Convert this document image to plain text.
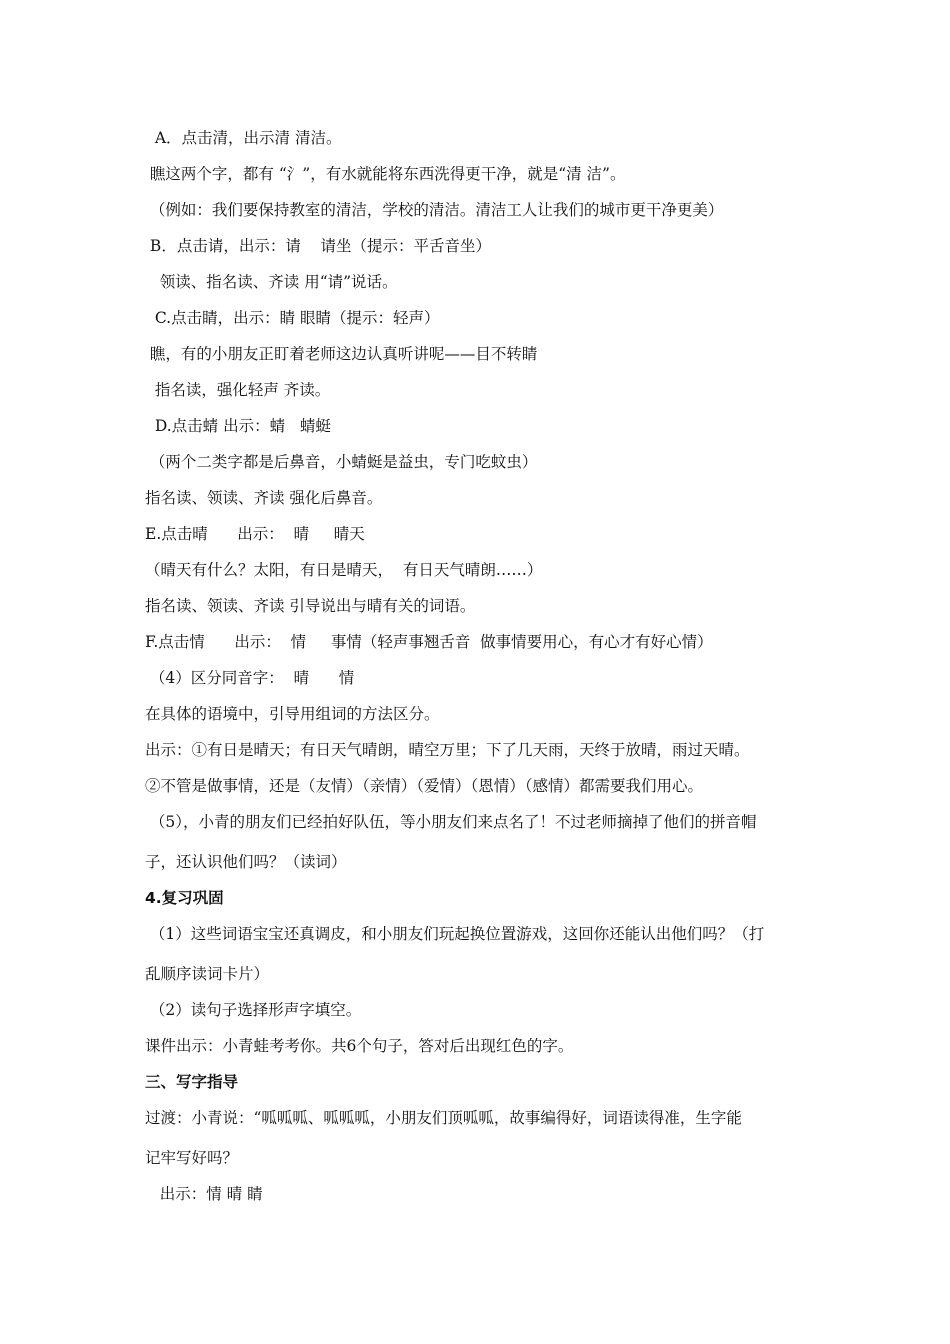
A．点击清，出示清 清洁。
瞧这两个字，都有 “氵”，有水就能将东西洗得更干净，就是“清 洁”。
（例如：我们要保持教室的清洁，学校的清洁。清洁工人让我们的城市更干净更美）
B．点击请，出示：请    请坐（提示：平舌音坐）
领读、指名读、齐读 用“请”说话。
C.点击睛，出示：睛 眼睛（提示：轻声）
瞧，有的小朋友正盯着老师这边认真听讲呢——目不转睛
指名读，强化轻声 齐读。
D.点击蜻 出示：蜻   蜻蜓
（两个二类字都是后鼻音，小蜻蜓是益虫，专门吃蚊虫）
指名读、领读、齐读 强化后鼻音。
E.点击晴      出示：  晴     晴天
（晴天有什么？太阳，有日是晴天，  有日天气晴朗……）
指名读、领读、齐读 引导说出与晴有关的词语。
F.点击情      出示：  情     事情（轻声事翘舌音  做事情要用心，有心才有好心情）
（4）区分同音字：  晴      情
在具体的语境中，引导用组词的方法区分。
出示：①有日是晴天；有日天气晴朗，晴空万里；下了几天雨，天终于放晴，雨过天晴。
②不管是做事情，还是（友情）（亲情）（爱情）（恩情）（感情）都需要我们用心。
（5），小青的朋友们已经拍好队伍，等小朋友们来点名了！不过老师摘掉了他们的拼音帽
子，还认识他们吗？（读词）
4.复习巩固
（1）这些词语宝宝还真调皮，和小朋友们玩起换位置游戏，这回你还能认出他们吗？（打
乱顺序读词卡片）
（2）读句子选择形声字填空。
课件出示：小青蛙考考你。共6个句子，答对后出现红色的字。
三、写字指导
过渡：小青说：“呱呱呱、呱呱呱，小朋友们顶呱呱，故事编得好，词语读得准，生字能
记牢写好吗？
出示：情 晴 睛
